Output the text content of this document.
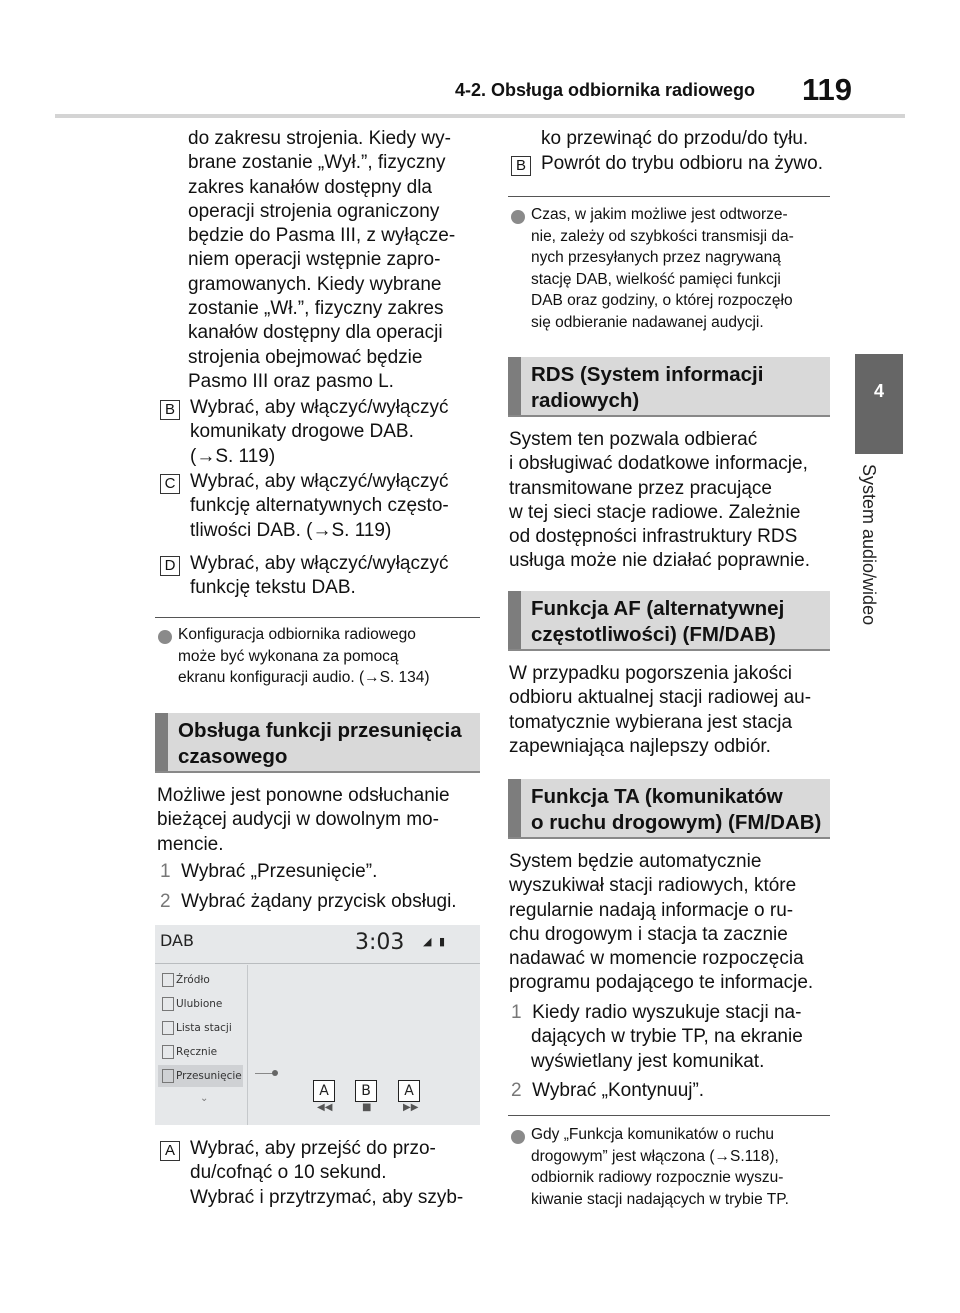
4-2. Obsługa odbiornika radiowego 119
4
System audio/wideo

do zakresu strojenia. Kiedy wy-

brane zostanie „Wył.”, fizyczny

zakres kanałów dostępny dla

operacji strojenia ograniczony

będzie do Pasma III, z wyłącze-

niem operacji wstępnie zapro-

gramowanych. Kiedy wybrane

zostanie „Wł.”, fizyczny zakres

kanałów dostępny dla operacji

strojenia obejmować będzie

Pasmo III oraz pasmo L.

B Wybrać, aby włączyć/wyłączyć

komunikaty drogowe DAB.

(→S. 119)

C Wybrać, aby włączyć/wyłączyć

funkcję alternatywnych często-

tliwości DAB. (→S. 119)

D Wybrać, aby włączyć/wyłączyć

funkcję tekstu DAB.

Konfiguracja odbiornika radiowego
może być wykonana za pomocą
ekranu konfiguracji audio. (→S. 134)
Obsługa funkcji przesunięcia
czasowego

Możliwe jest ponowne odsłuchanie

bieżącej audycji w dowolnym mo-

mencie.

1 Wybrać „Przesunięcie”.

2 Wybrać żądany przycisk obsługi.

DAB	3:03 ◢ ▮
Źródło
Ulubione
Lista stacji
Ręcznie
Przesunięcie
⌄	A	B	A
◀◀	■	▶▶
A Wybrać, aby przejść do przo-

du/cofnąć o 10 sekund.

Wybrać i przytrzymać, aby szyb-

ko przewinąć do przodu/do tyłu.

B Powrót do trybu odbioru na żywo.

Czas, w jakim możliwe jest odtworze-
nie, zależy od szybkości transmisji da-
nych przesyłanych przez nagrywaną
stację DAB, wielkość pamięci funkcji
DAB oraz godziny, o której rozpoczęło
się odbieranie nadawanej audycji.
RDS (System informacji
radiowych)

System ten pozwala odbierać

i obsługiwać dodatkowe informacje,

transmitowane przez pracujące

w tej sieci stacje radiowe. Zależnie

od dostępności infrastruktury RDS

usługa może nie działać poprawnie.

Funkcja AF (alternatywnej
częstotliwości) (FM/DAB)

W przypadku pogorszenia jakości

odbioru aktualnej stacji radiowej au-

tomatycznie wybierana jest stacja

zapewniająca najlepszy odbiór.

Funkcja TA (komunikatów
o ruchu drogowym) (FM/DAB)

System będzie automatycznie

wyszukiwał stacji radiowych, które

regularnie nadają informacje o ru-

chu drogowym i stacja ta zacznie

nadawać w momencie rozpoczęcia

programu podającego te informacje.

1 Kiedy radio wyszukuje stacji na-

dających w trybie TP, na ekranie

wyświetlany jest komunikat.

2 Wybrać „Kontynuuj”.

Gdy „Funkcja komunikatów o ruchu
drogowym” jest włączona (→S.118),
odbiornik radiowy rozpocznie wyszu-
kiwanie stacji nadających w trybie TP.
